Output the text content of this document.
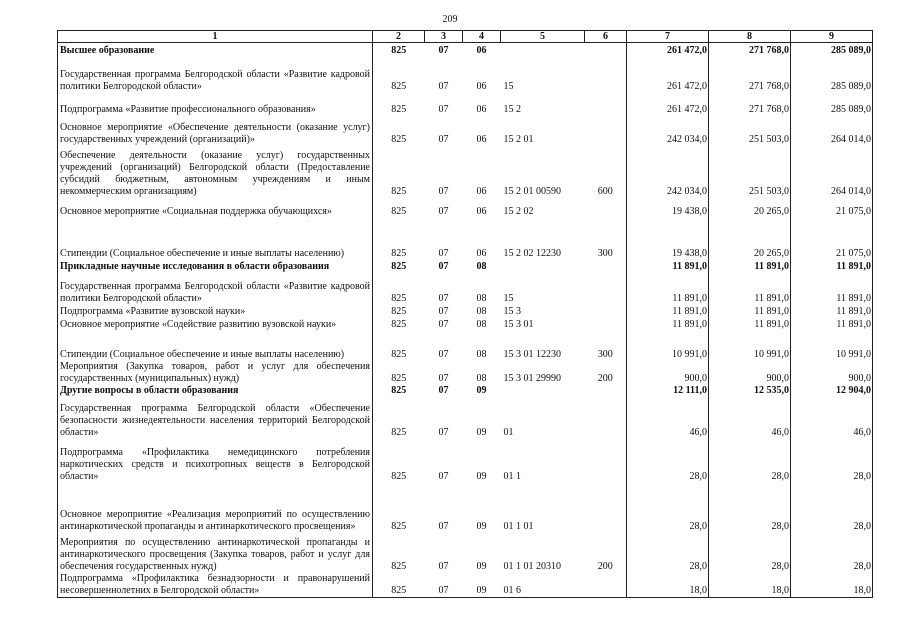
209
1	2	3	4	5	6	7	8	9
Высшее образование	825	07	06			261 472,0	271 768,0	285 089,0
Государственная программа Белгородской области «Развитие кадровой политики Белгородской области»	825	07	06	15		261 472,0	271 768,0	285 089,0
Подпрограмма «Развитие профессионального образования»	825	07	06	15 2		261 472,0	271 768,0	285 089,0
Основное мероприятие «Обеспечение деятельности (оказание услуг) государственных учреждений (организаций)»	825	07	06	15 2 01		242 034,0	251 503,0	264 014,0
Обеспечение деятельности (оказание услуг) государственных учреждений (организаций) Белгородской области (Предоставление субсидий бюджетным, автономным учреждениям и иным некоммерческим организациям)	825	07	06	15 2 01 00590	600	242 034,0	251 503,0	264 014,0
Основное мероприятие «Социальная поддержка обучающихся»	825	07	06	15 2 02		19 438,0	20 265,0	21 075,0
Стипендии (Социальное обеспечение и иные выплаты населению)	825	07	06	15 2 02 12230	300	19 438,0	20 265,0	21 075,0
Прикладные научные исследования в области образования	825	07	08			11 891,0	11 891,0	11 891,0
Государственная программа Белгородской области «Развитие кадровой политики Белгородской области»	825	07	08	15		11 891,0	11 891,0	11 891,0
Подпрограмма «Развитие вузовской науки»	825	07	08	15 3		11 891,0	11 891,0	11 891,0
Основное мероприятие «Содействие развитию вузовской науки»	825	07	08	15 3 01		11 891,0	11 891,0	11 891,0
Стипендии (Социальное обеспечение и иные выплаты населению)	825	07	08	15 3 01 12230	300	10 991,0	10 991,0	10 991,0
Мероприятия (Закупка товаров, работ и услуг для обеспечения государственных (муниципальных) нужд)	825	07	08	15 3 01 29990	200	900,0	900,0	900,0
Другие вопросы в области образования	825	07	09			12 111,0	12 535,0	12 904,0
Государственная программа Белгородской области «Обеспечение безопасности жизнедеятельности населения территорий Белгородской области»	825	07	09	01		46,0	46,0	46,0
Подпрограмма «Профилактика немедицинского потребления наркотических средств и психотропных веществ в Белгородской области»	825	07	09	01 1		28,0	28,0	28,0
Основное мероприятие «Реализация мероприятий по осуществлению антинаркотической пропаганды и антинаркотического просвещения»	825	07	09	01 1 01		28,0	28,0	28,0
Мероприятия по осуществлению антинаркотической пропаганды и антинаркотического просвещения (Закупка товаров, работ и услуг для обеспечения государственных нужд)	825	07	09	01 1 01 20310	200	28,0	28,0	28,0
Подпрограмма «Профилактика безнадзорности и правонарушений несовершеннолетних в Белгородской области»	825	07	09	01 6		18,0	18,0	18,0
